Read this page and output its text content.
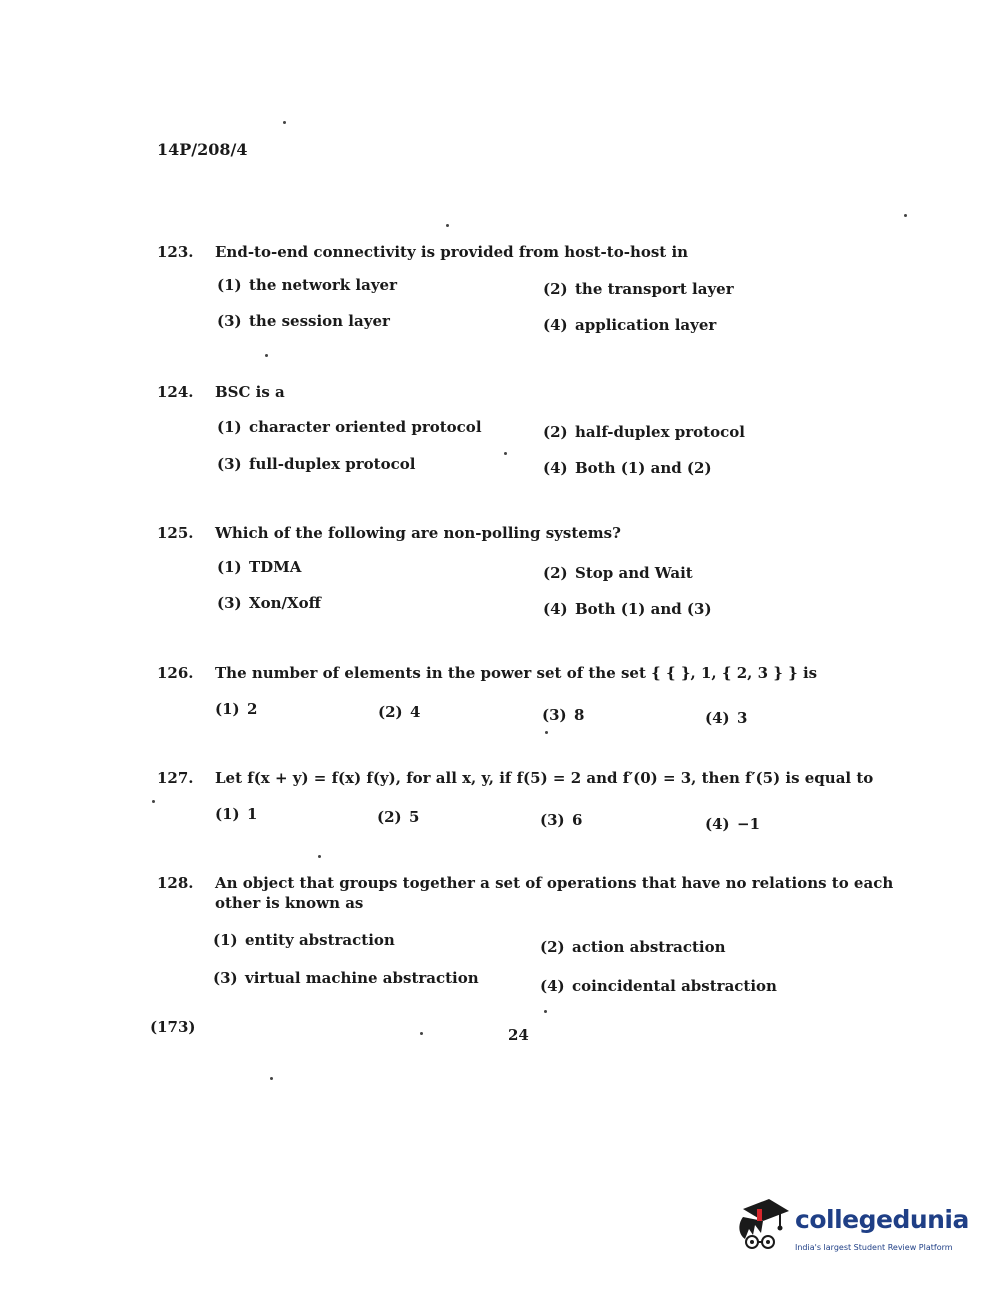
14P/208/4
123.	End-to-end connectivity is provided from host-to-host in
(1) the network layer	(2) the transport layer
(3) the session layer	(4) application layer
124.	BSC is a
(1) character oriented protocol	(2) half-duplex protocol
(3) full-duplex protocol	(4) Both (1) and (2)
125.	Which of the following are non-polling systems?
(1) TDMA	(2) Stop and Wait
(3) Xon/Xoff	(4) Both (1) and (3)
126.	The number of elements in the power set of the set { { }, 1, { 2, 3 } } is
(1) 2	(2) 4	(3) 8	(4) 3
127.	Let f(x + y) = f(x) f(y), for all x, y, if f(5) = 2 and f′(0) = 3, then f′(5) is equal to
(1) 1	(2) 5	(3) 6	(4) −1
128.	An object that groups together a set of operations that have no relations to each other is known as
(1) entity abstraction	(2) action abstraction
(3) virtual machine abstraction	(4) coincidental abstraction
(173)	24
collegedunia
India's largest Student Review Platform
